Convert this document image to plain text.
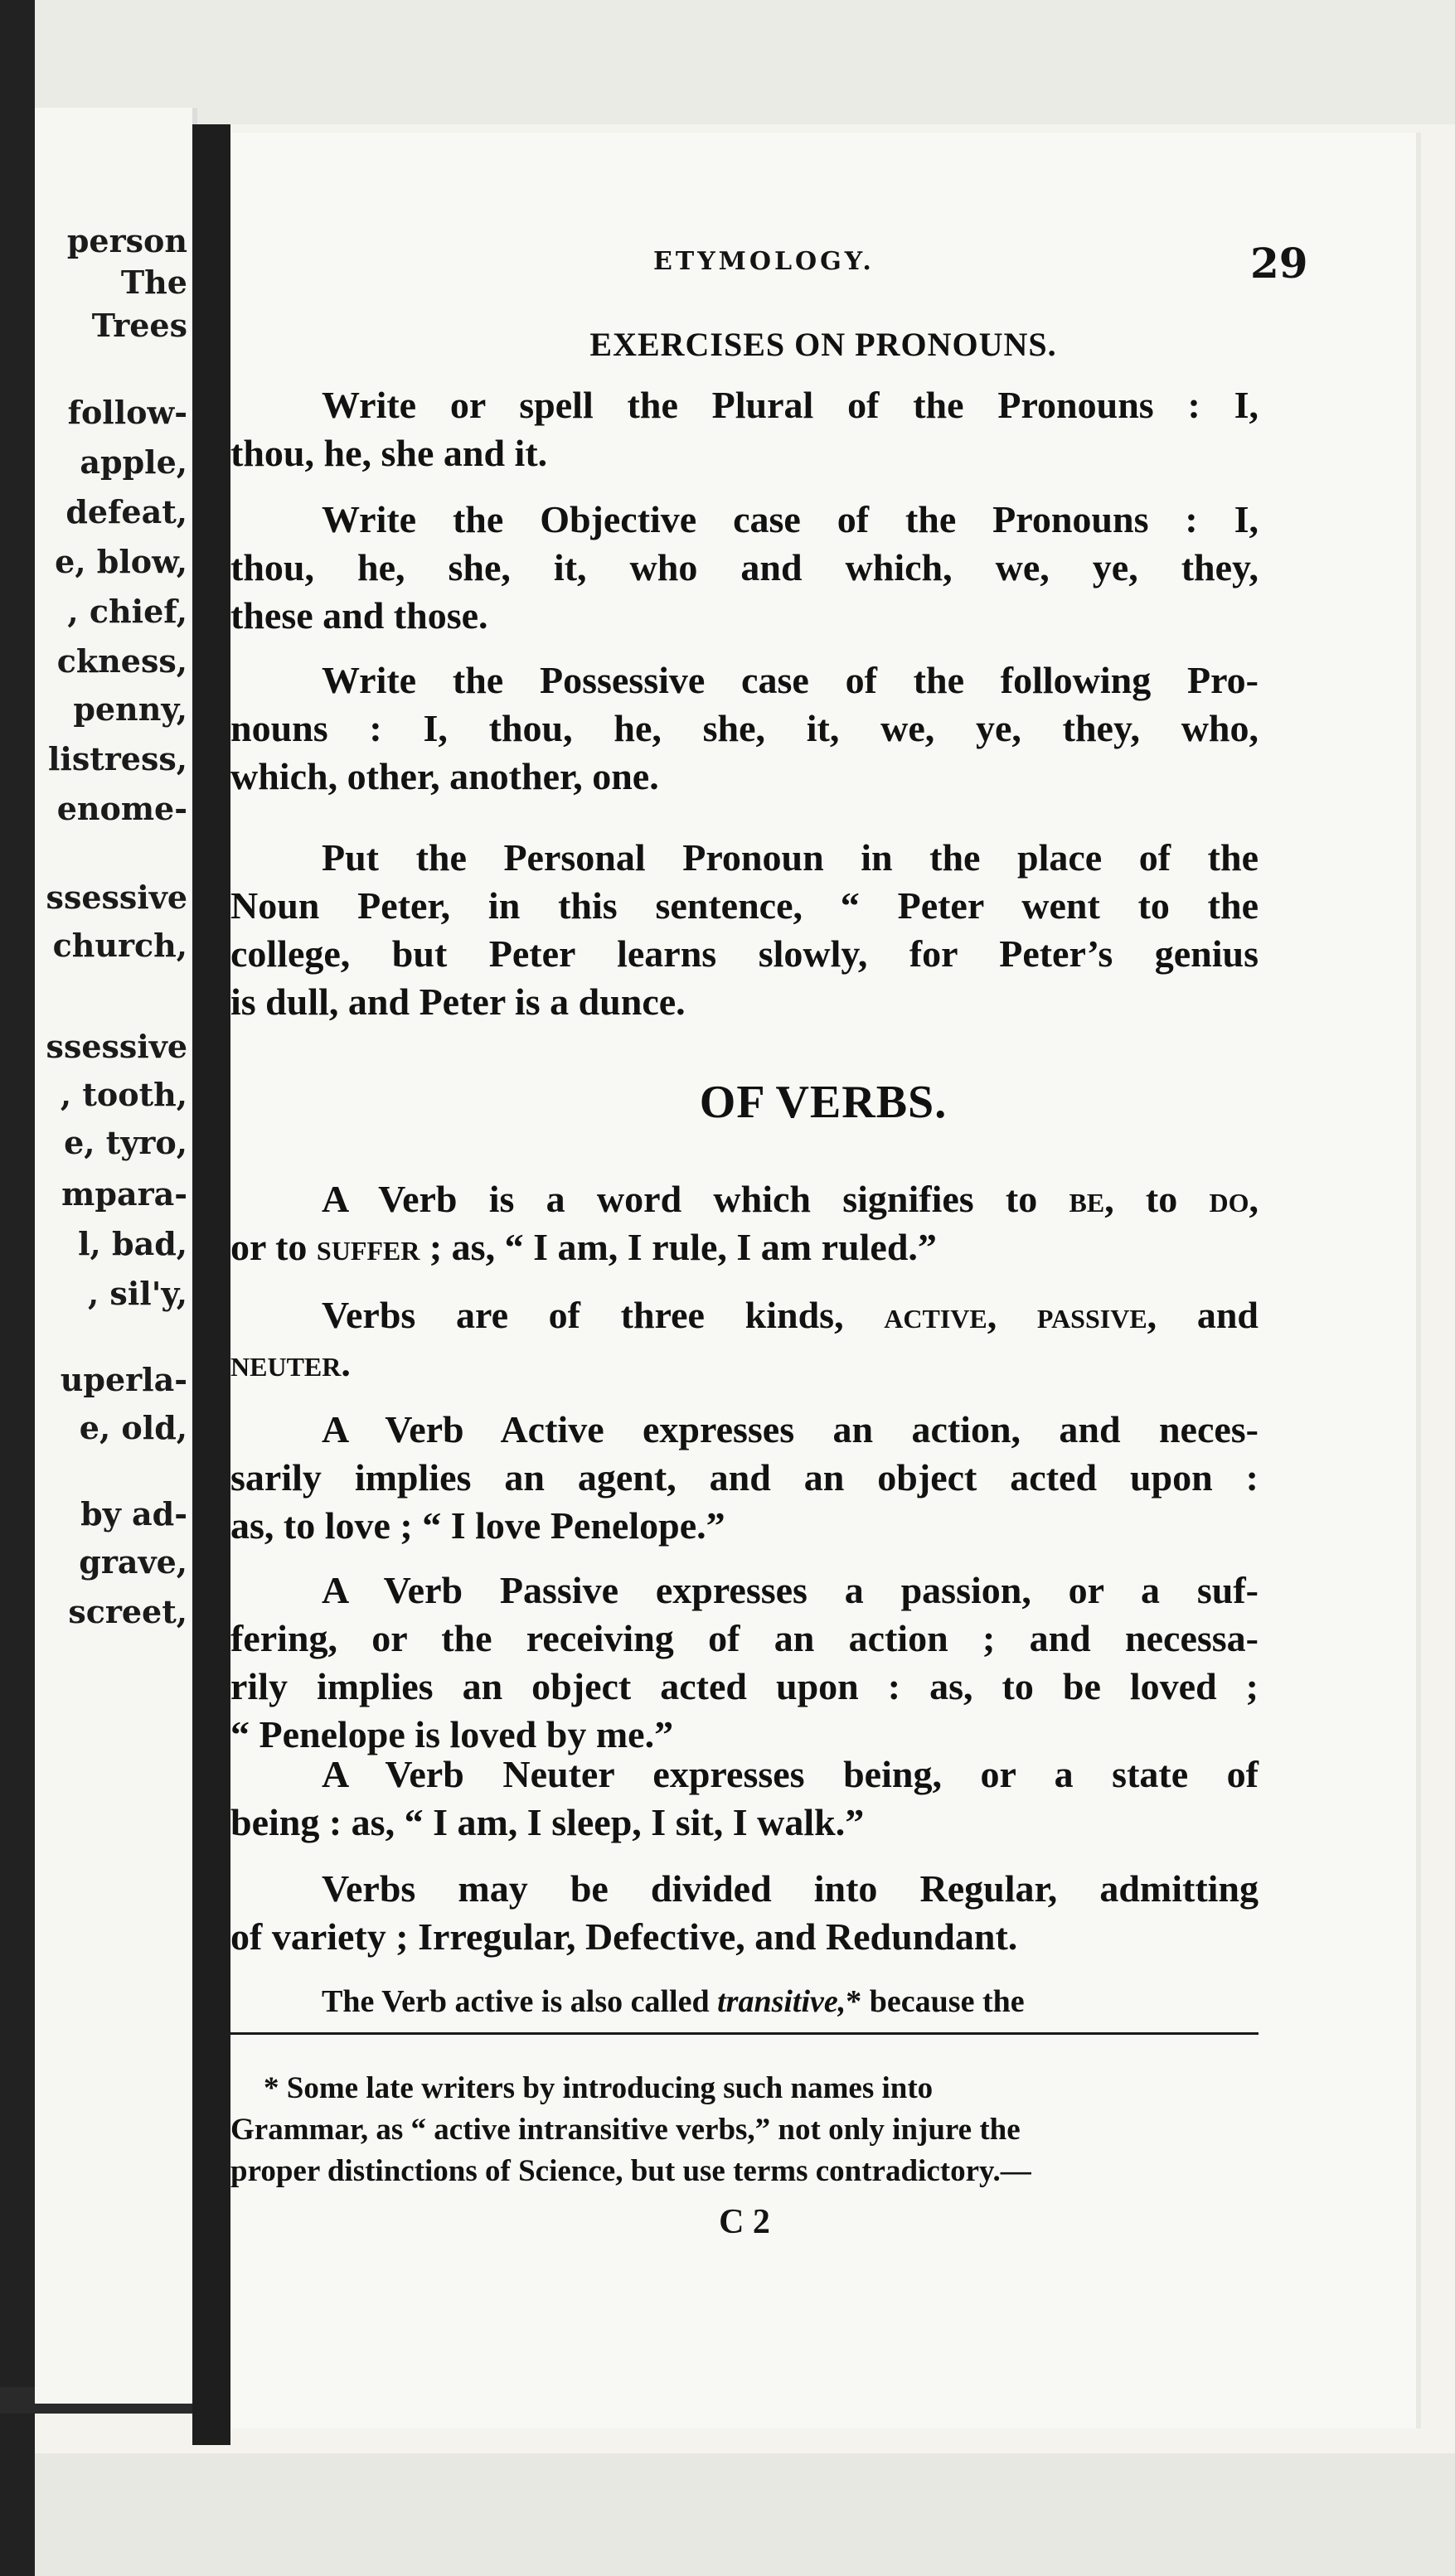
person
The
Trees
follow-
apple,
defeat,
e, blow,
, chief,
ckness,
penny,
listress,
enome-
ssessive
church,
ssessive
, tooth,
e, tyro,
mpara-
l, bad,
, sil'y,
uperla-
e, old,
by ad-
grave,
screet,
ETYMOLOGY.	29
EXERCISES ON PRONOUNS.
Write or spell the Plural of the Pronouns : I,
thou, he, she and it.
Write the Objective case of the Pronouns : I,
thou, he, she, it, who and which, we, ye, they,
these and those.
Write the Possessive case of the following Pro-
nouns : I, thou, he, she, it, we, ye, they, who,
which, other, another, one.
Put the Personal Pronoun in the place of the
Noun Peter, in this sentence, “ Peter went to the
college, but Peter learns slowly, for Peter’s genius
is dull, and Peter is a dunce.
OF VERBS.
A Verb is a word which signifies to be, to do,
or to suffer ; as, “ I am, I rule, I am ruled.”
Verbs are of three kinds, active, passive, and
neuter.
A Verb Active expresses an action, and neces-
sarily implies an agent, and an object acted upon :
as, to love ; “ I love Penelope.”
A Verb Passive expresses a passion, or a suf-
fering, or the receiving of an action ; and necessa-
rily implies an object acted upon : as, to be loved ;
“ Penelope is loved by me.”
A Verb Neuter expresses being, or a state of
being : as, “ I am, I sleep, I sit, I walk.”
Verbs may be divided into Regular, admitting
of variety ; Irregular, Defective, and Redundant.
The Verb active is also called transitive,* because the
* Some late writers by introducing such names into
Grammar, as “ active intransitive verbs,” not only injure the
proper distinctions of Science, but use terms contradictory.—
C 2
